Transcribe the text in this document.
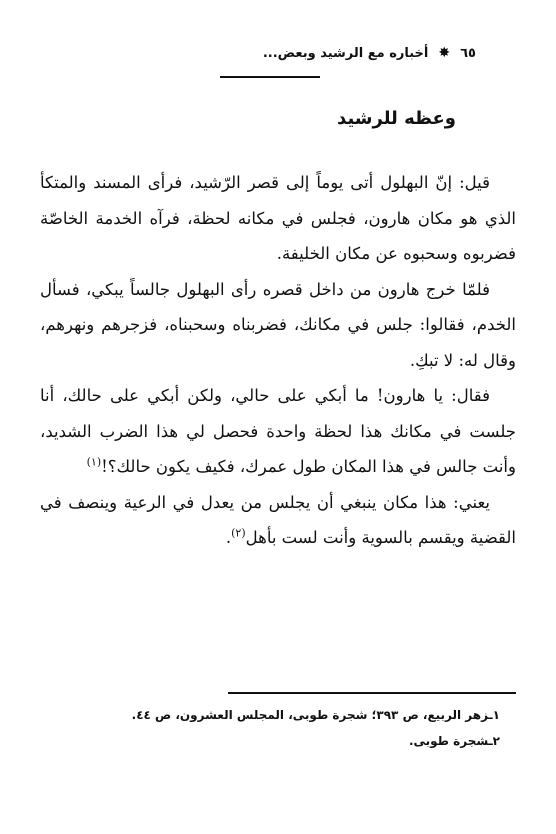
٦٥
✸
أخباره مع الرشيد وبعض...
وعظه للرشيد

قيل: إنّ البهلول أتى يوماً إلى قصر الرّشيد، فرأى المسند والمتكأ الذي هو مكان هارون، فجلس في مكانه لحظة، فرآه الخدمة الخاصّة فضربوه وسحبوه عن مكان الخليفة.

فلمّا خرج هارون من داخل قصره رأى البهلول جالساً يبكي، فسأل الخدم، فقالوا: جلس في مكانك، فضربناه وسحبناه، فزجرهم ونهرهم، وقال له: لا تبكِ.

فقال: يا هارون! ما أبكي على حالي، ولكن أبكي على حالك، أنا جلست في مكانك هذا لحظة واحدة فحصل لي هذا الضرب الشديد، وأنت جالس في هذا المكان طول عمرك، فكيف يكون حالك؟!$^{(١)}$

يعني: هذا مكان ينبغي أن يجلس من يعدل في الرعية وينصف في القضية ويقسم بالسوية وأنت لست بأهل$^{(٢)}$.

١ـزهر الربيع، ص ٣٩٣؛ شجرة طوبى، المجلس العشرون، ص ٤٤.
٢ـشجرة طوبى.
